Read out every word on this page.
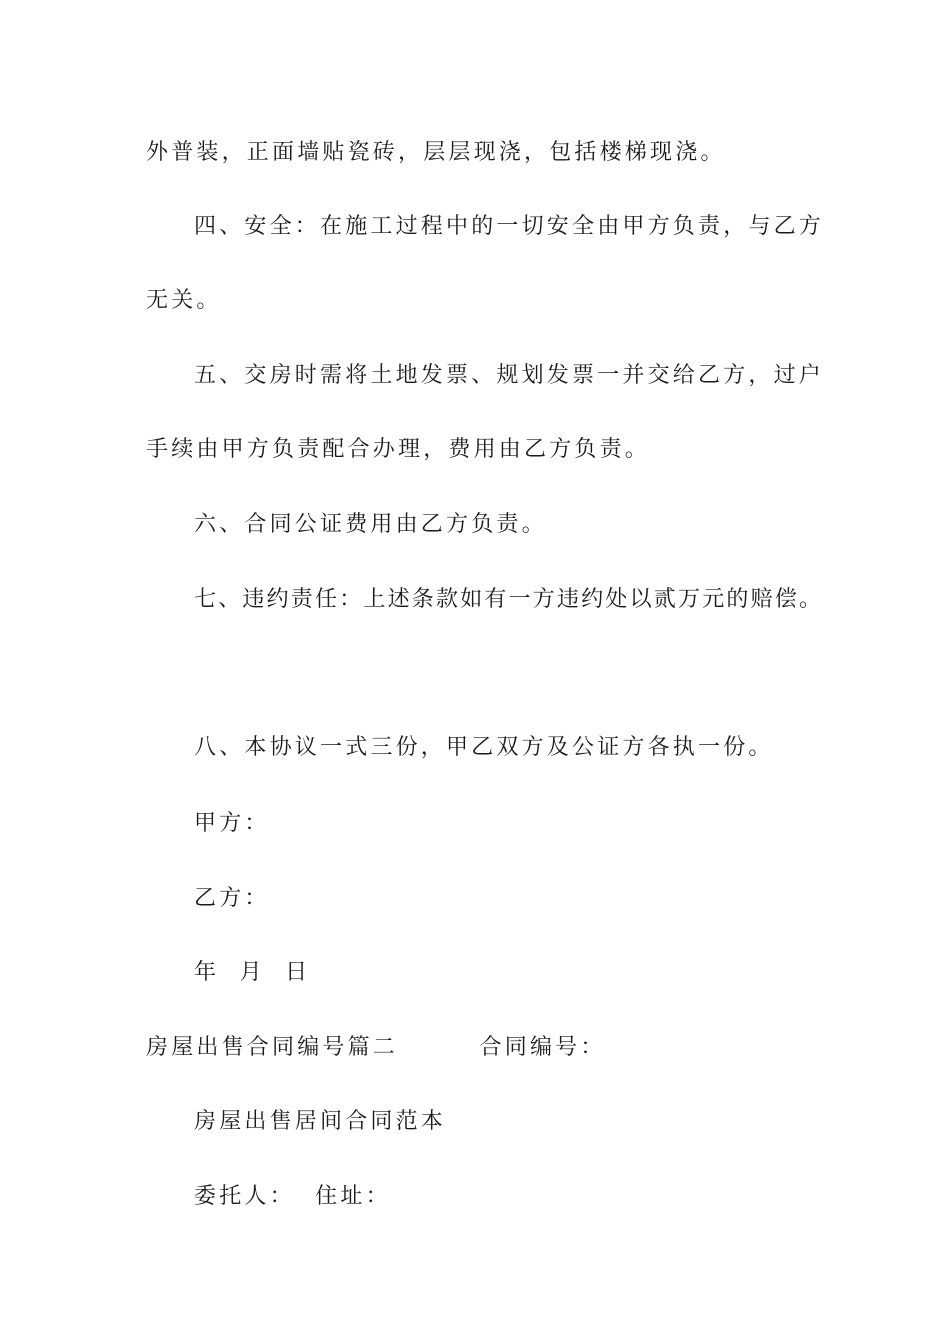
外普装，正面墙贴瓷砖，层层现浇，包括楼梯现浇。
四、安全：在施工过程中的一切安全由甲方负责，与乙方
无关。
五、交房时需将土地发票、规划发票一并交给乙方，过户
手续由甲方负责配合办理，费用由乙方负责。
六、合同公证费用由乙方负责。
七、违约责任：上述条款如有一方违约处以贰万元的赔偿。
八、本协议一式三份，甲乙双方及公证方各执一份。
甲方：
乙方：
年  月  日
房屋出售合同编号篇二        合同编号：
房屋出售居间合同范本
委托人：  住址：
